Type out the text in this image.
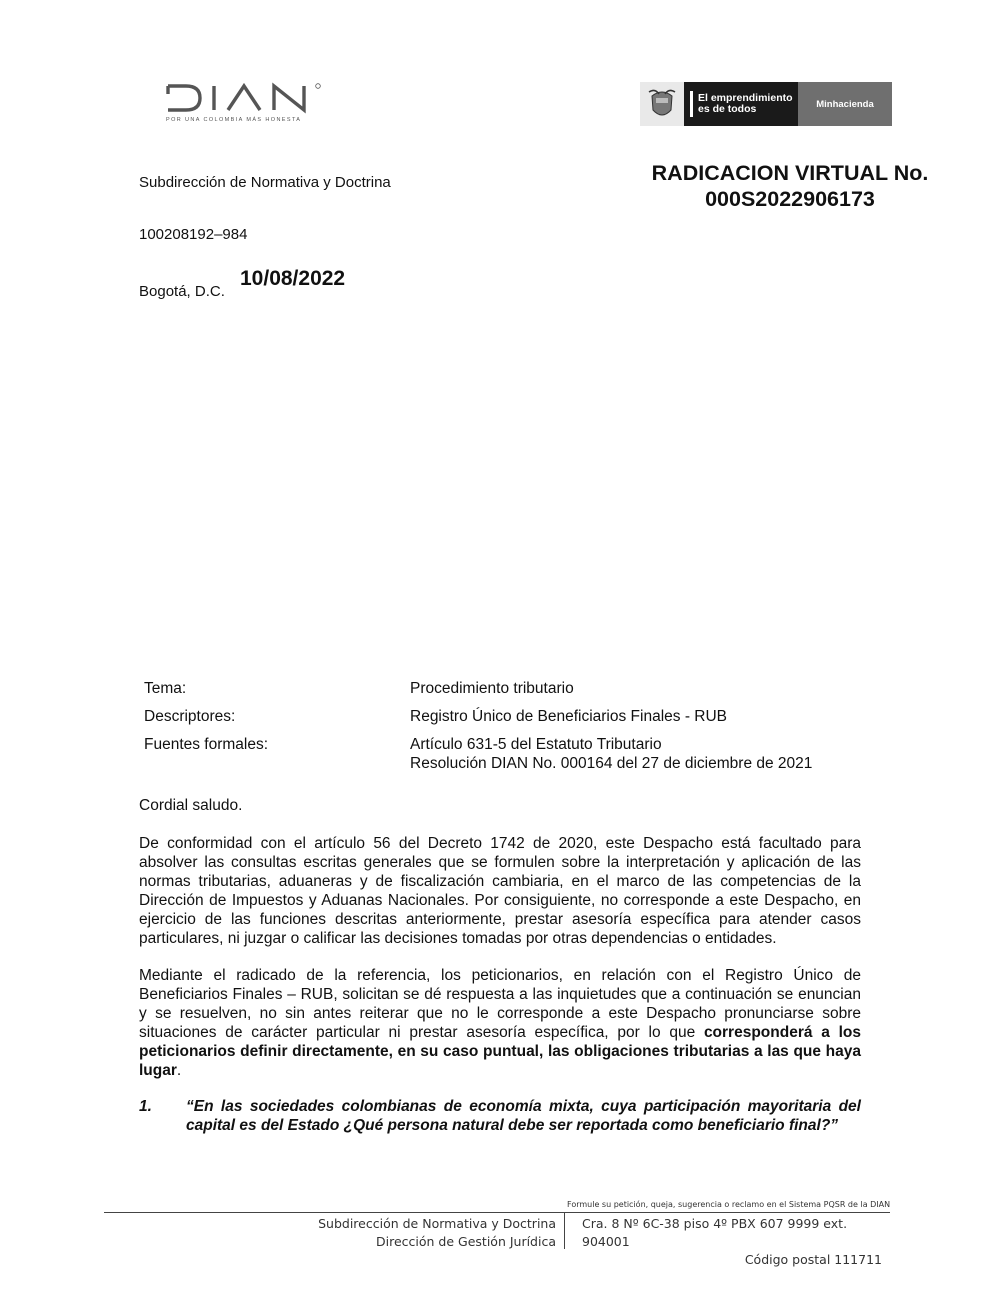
POR UNA COLOMBIA MÁS HONESTA
El emprendimiento
es de todos	Minhacienda
Subdirección de Normativa y Doctrina	RADICACION VIRTUAL No.
000S2022906173
100208192–984
Bogotá, D.C.
10/08/2022
Tema:	Procedimiento tributario
Descriptores:	Registro Único de Beneficiarios Finales - RUB
Fuentes formales:	Artículo 631-5 del Estatuto Tributario
Resolución DIAN No. 000164 del 27 de diciembre de 2021
Cordial saludo.
De conformidad con el artículo 56 del Decreto 1742 de 2020, este Despacho está facultado para absolver las consultas escritas generales que se formulen sobre la interpretación y aplicación de las normas tributarias, aduaneras y de fiscalización cambiaria, en el marco de las competencias de la Dirección de Impuestos y Aduanas Nacionales. Por consiguiente, no corresponde a este Despacho, en ejercicio de las funciones descritas anteriormente, prestar asesoría específica para atender casos particulares, ni juzgar o calificar las decisiones tomadas por otras dependencias o entidades.
Mediante el radicado de la referencia, los peticionarios, en relación con el Registro Único de Beneficiarios Finales – RUB, solicitan se dé respuesta a las inquietudes que a continuación se enuncian y se resuelven, no sin antes reiterar que no le corresponde a este Despacho pronunciarse sobre situaciones de carácter particular ni prestar asesoría específica, por lo que corresponderá a los peticionarios definir directamente, en su caso puntual, las obligaciones tributarias a las que haya lugar.
1.	“En las sociedades colombianas de economía mixta, cuya participación mayoritaria del capital es del Estado ¿Qué persona natural debe ser reportada como beneficiario final?”
Formule su petición, queja, sugerencia o reclamo en el Sistema PQSR de la DIAN
Subdirección de Normativa y Doctrina
Dirección de Gestión Jurídica
Cra. 8 Nº 6C-38 piso 4º PBX 607 9999 ext. 904001
Código postal 111711
